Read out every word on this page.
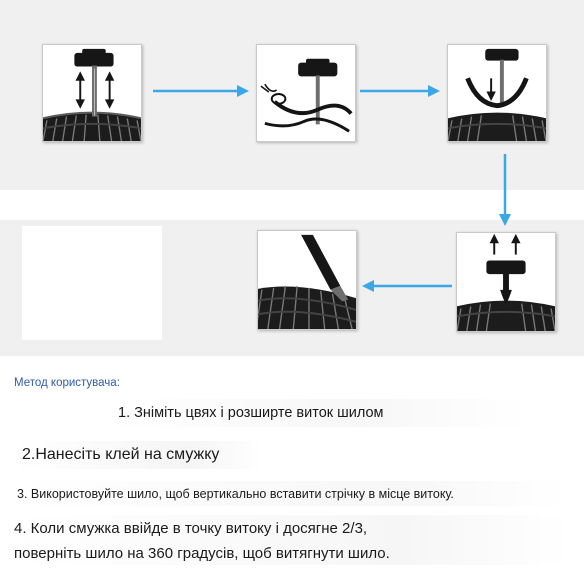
Метод користувача:
1. Зніміть цвях і розширте виток шилом
2.Нанесіть клей на смужку
3. Використовуйте шило, щоб вертикально вставити стрічку в місце витоку.
4. Коли смужка ввійде в точку витоку і досягне 2/3,
поверніть шило на 360 градусів, щоб витягнути шило.
